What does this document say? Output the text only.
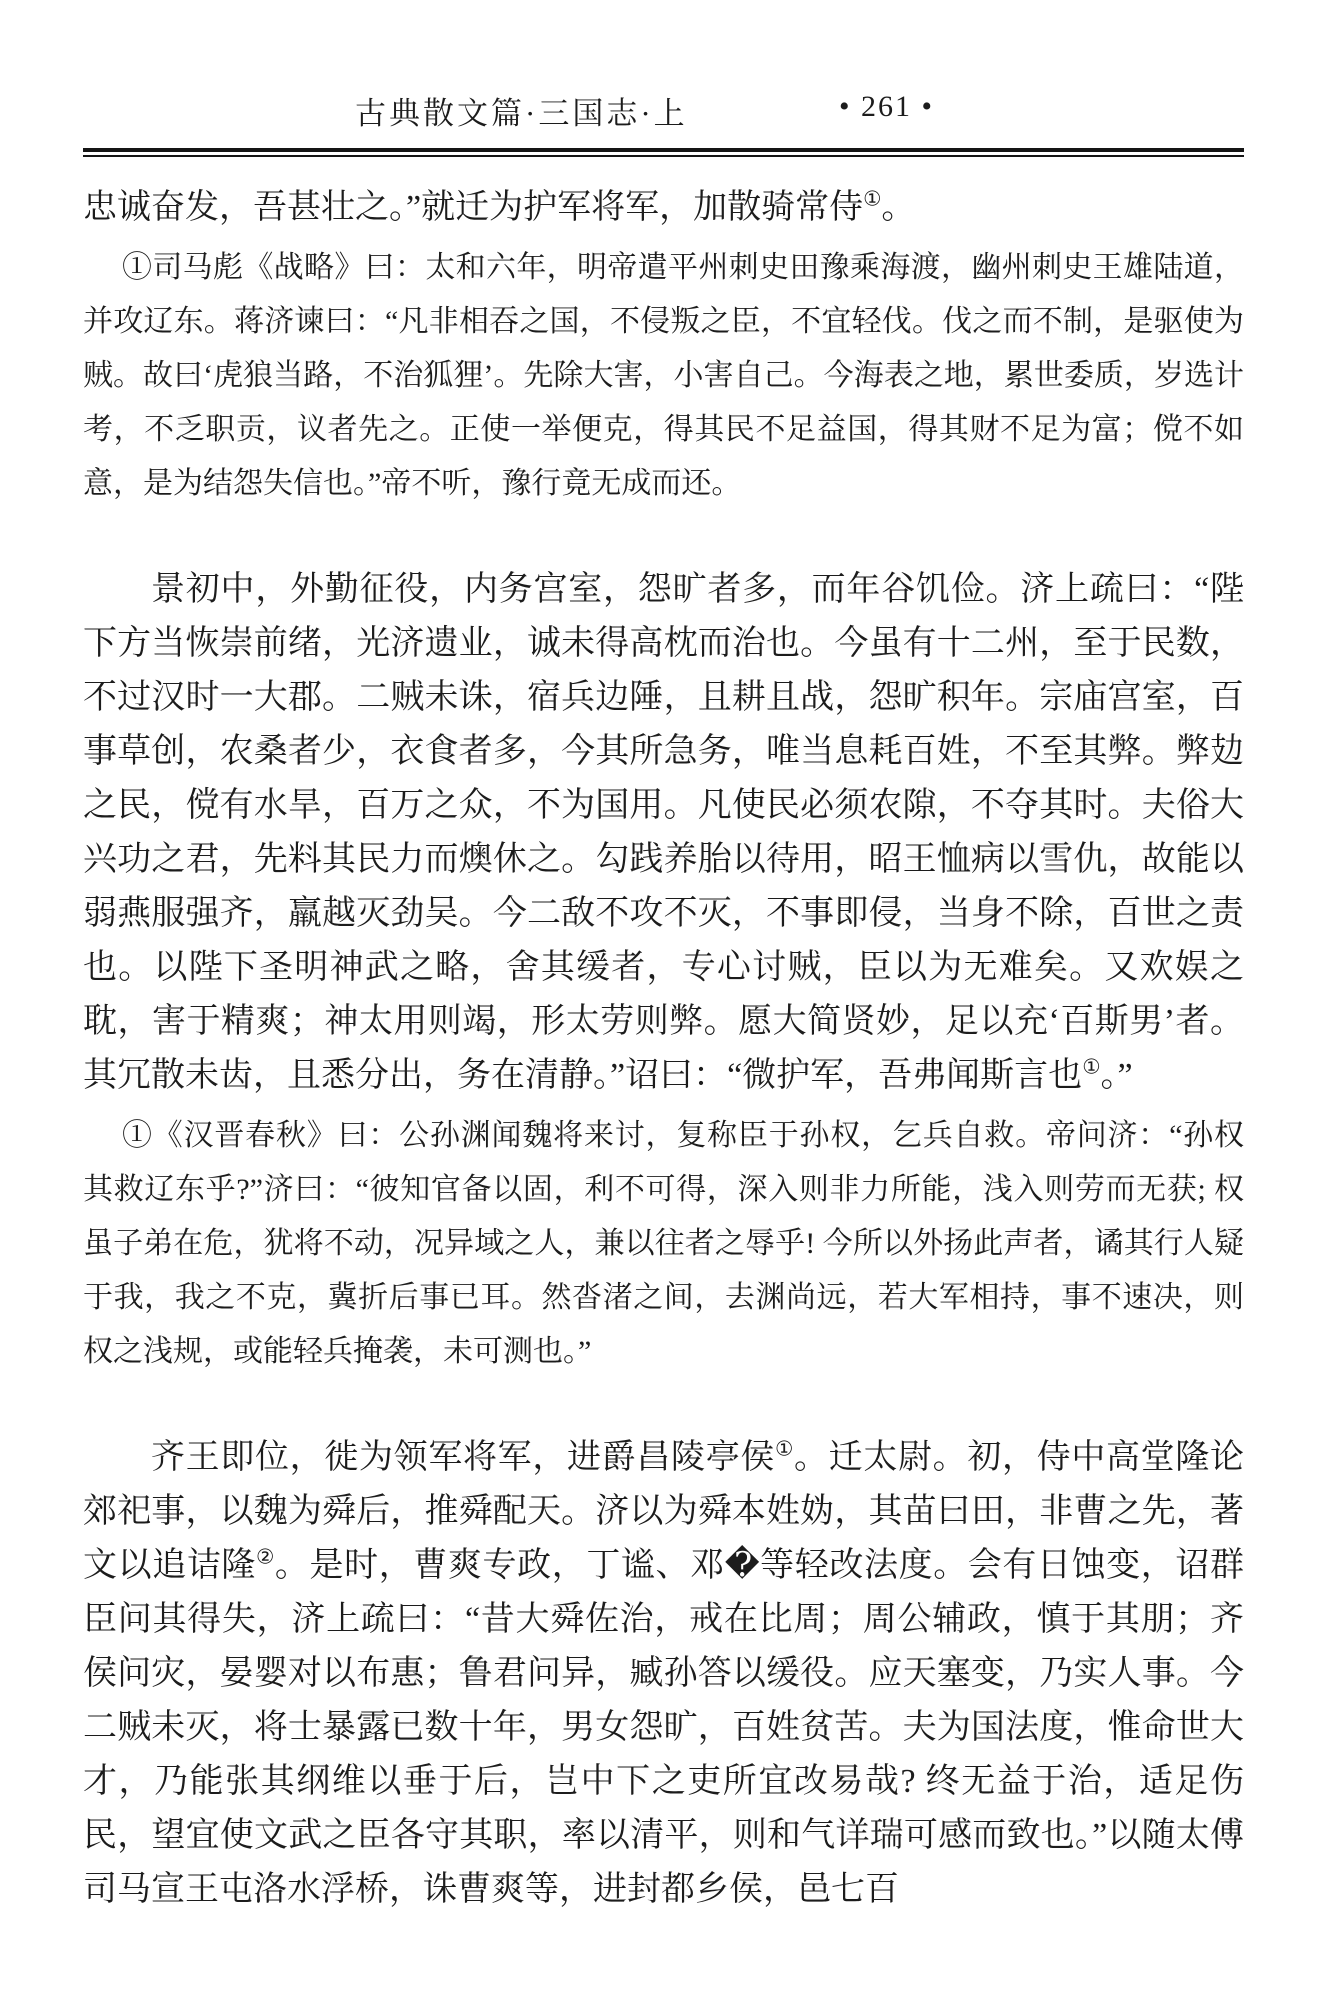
古典散文篇·三国志·上	• 261 •

忠诚奋发，吾甚壮之。”就迁为护军将军，加散骑常侍①。

①司马彪《战略》曰：太和六年，明帝遣平州刺史田豫乘海渡，幽州刺史王雄陆道，并攻辽东。蒋济谏曰：“凡非相吞之国，不侵叛之臣，不宜轻伐。伐之而不制，是驱使为贼。故曰‘虎狼当路，不治狐狸’。先除大害，小害自己。今海表之地，累世委质，岁选计考，不乏职贡，议者先之。正使一举便克，得其民不足益国，得其财不足为富；傥不如意，是为结怨失信也。”帝不听，豫行竟无成而还。

景初中，外勤征役，内务宫室，怨旷者多，而年谷饥俭。济上疏曰：“陛下方当恢崇前绪，光济遗业，诚未得高枕而治也。今虽有十二州，至于民数，不过汉时一大郡。二贼未诛，宿兵边陲，且耕且战，怨旷积年。宗庙宫室，百事草创，农桑者少，衣食者多，今其所急务，唯当息耗百姓，不至其弊。弊攰之民，傥有水旱，百万之众，不为国用。凡使民必须农隙，不夺其时。夫俗大兴功之君，先料其民力而燠休之。勾践养胎以待用，昭王恤病以雪仇，故能以弱燕服强齐，羸越灭劲吴。今二敌不攻不灭，不事即侵，当身不除，百世之责也。以陛下圣明神武之略，舍其缓者，专心讨贼，臣以为无难矣。又欢娱之耽，害于精爽；神太用则竭，形太劳则弊。愿大简贤妙，足以充‘百斯男’者。其冗散未齿，且悉分出，务在清静。”诏曰：“微护军，吾弗闻斯言也①。”

①《汉晋春秋》曰：公孙渊闻魏将来讨，复称臣于孙权，乞兵自救。帝问济：“孙权其救辽东乎?”济曰：“彼知官备以固，利不可得，深入则非力所能，浅入则劳而无获; 权虽子弟在危，犹将不动，况异域之人，兼以往者之辱乎! 今所以外扬此声者，谲其行人疑于我，我之不克，冀折后事已耳。然沓渚之间，去渊尚远，若大军相持，事不速决，则权之浅规，或能轻兵掩袭，未可测也。”

齐王即位，徙为领军将军，进爵昌陵亭侯①。迁太尉。初，侍中高堂隆论郊祀事，以魏为舜后，推舜配天。济以为舜本姓妫，其苗曰田，非曹之先，著文以追诘隆②。是时，曹爽专政，丁谧、邓�等轻改法度。会有日蚀变，诏群臣问其得失，济上疏曰：“昔大舜佐治，戒在比周；周公辅政，慎于其朋；齐侯问灾，晏婴对以布惠；鲁君问异，臧孙答以缓役。应天塞变，乃实人事。今二贼未灭，将士暴露已数十年，男女怨旷，百姓贫苦。夫为国法度，惟命世大才，乃能张其纲维以垂于后，岂中下之吏所宜改易哉? 终无益于治，适足伤民，望宜使文武之臣各守其职，率以清平，则和气详瑞可感而致也。”以随太傅司马宣王屯洛水浮桥，诛曹爽等，进封都乡侯，邑七百
